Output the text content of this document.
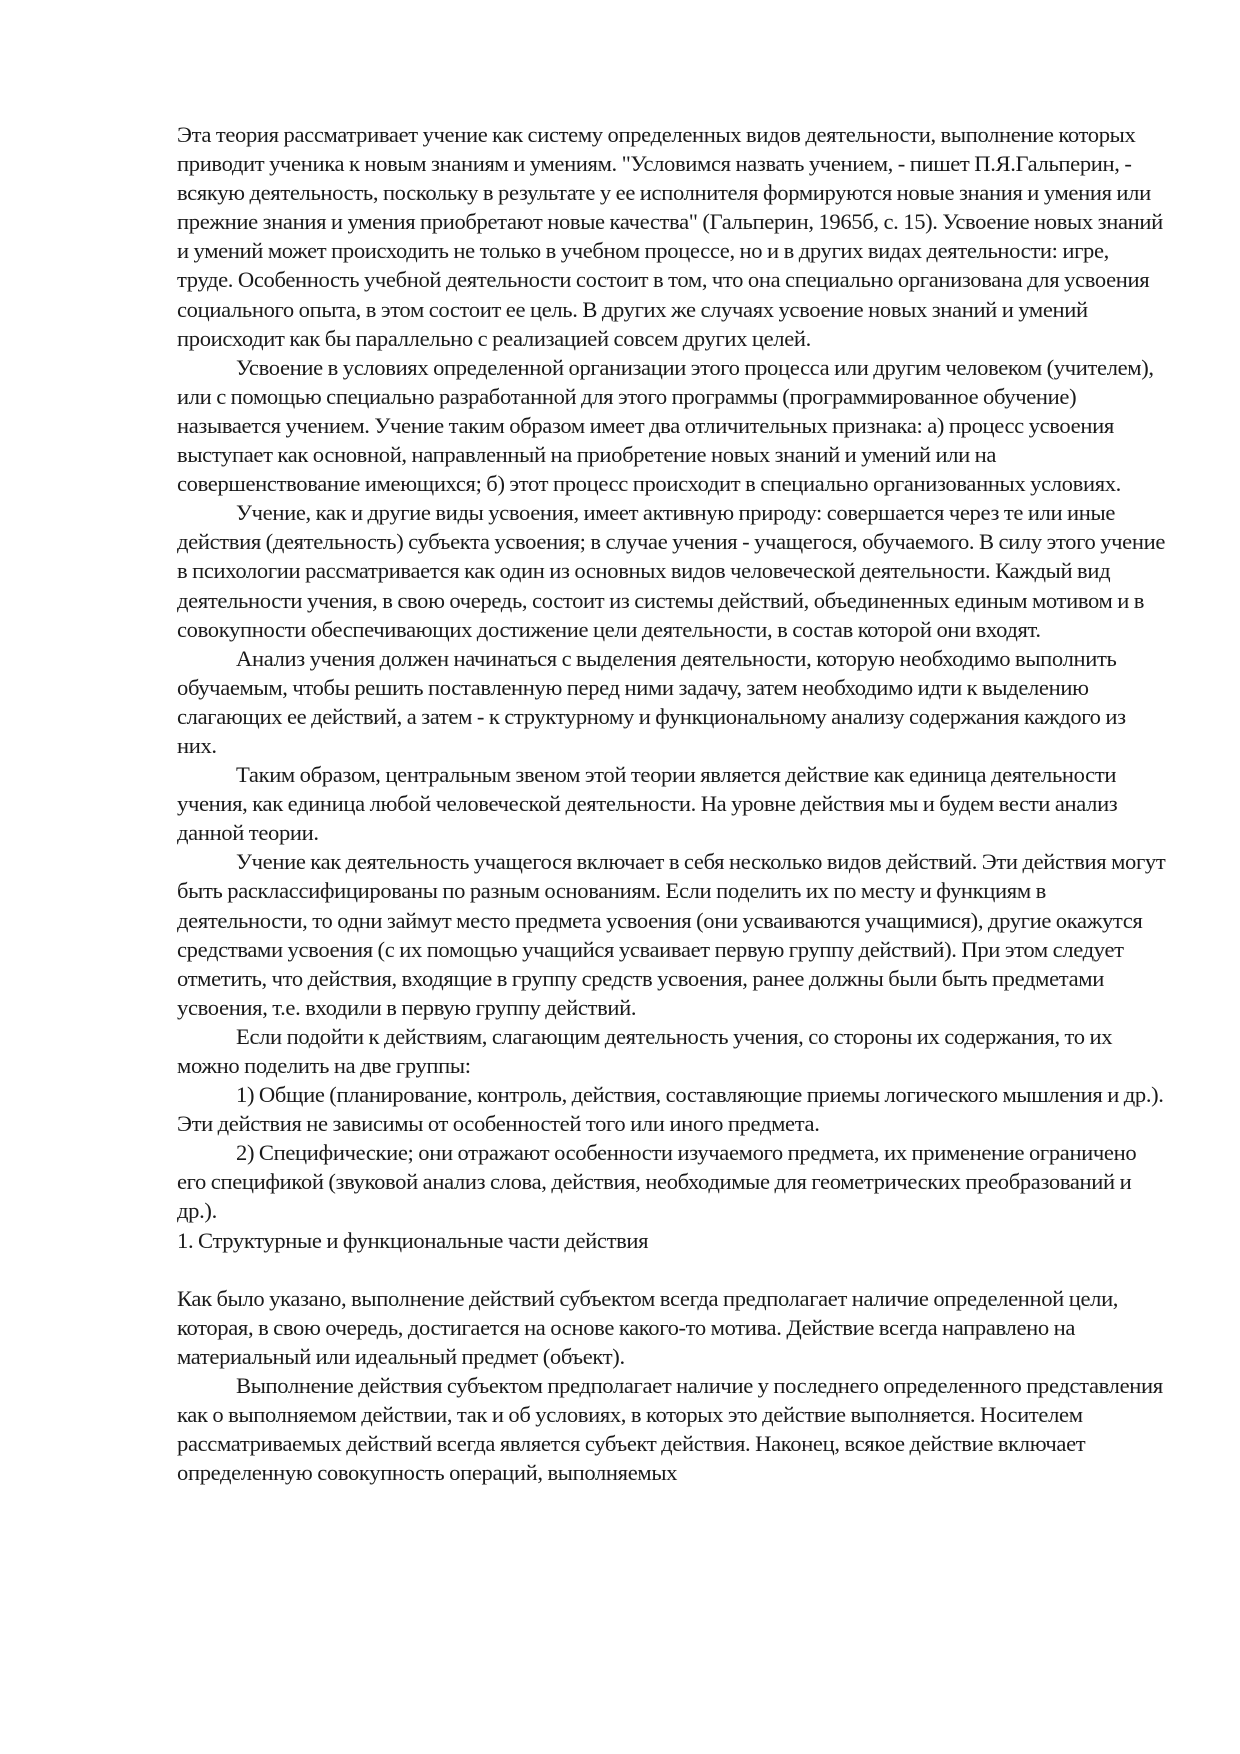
Эта теория рассматривает учение как систему определенных видов деятельности, выполнение которых приводит ученика к новым знаниям и умениям. "Условимся назвать учением, - пишет П.Я.Гальперин, - всякую деятельность, поскольку в результате у ее исполнителя формируются новые знания и умения или прежние знания и умения приобретают новые качества" (Гальперин, 1965б, с. 15). Усвоение новых знаний и умений может происходить не только в учебном процессе, но и в других видах деятельности: игре, труде. Особенность учебной деятельности состоит в том, что она специально организована для усвоения социального опыта, в этом состоит ее цель. В других же случаях усвоение новых знаний и умений происходит как бы параллельно с реализацией совсем других целей.

Усвоение в условиях определенной организации этого процесса или другим человеком (учителем), или с помощью специально разработанной для этого программы (программированное обучение) называется учением. Учение таким образом имеет два отличительных признака: а) процесс усвоения выступает как основной, направленный на приобретение новых знаний и умений или на совершенствование имеющихся; б) этот процесс происходит в специально организованных условиях.

Учение, как и другие виды усвоения, имеет активную природу: совершается через те или иные действия (деятельность) субъекта усвоения; в случае учения - учащегося, обучаемого. В силу этого учение в психологии рассматривается как один из основных видов человеческой деятельности. Каждый вид деятельности учения, в свою очередь, состоит из системы действий, объединенных единым мотивом и в совокупности обеспечивающих достижение цели деятельности, в состав которой они входят.

Анализ учения должен начинаться с выделения деятельности, которую необходимо выполнить обучаемым, чтобы решить поставленную перед ними задачу, затем необходимо идти к выделению слагающих ее действий, а затем - к структурному и функциональному анализу содержания каждого из них.

Таким образом, центральным звеном этой теории является действие как единица деятельности учения, как единица любой человеческой деятельности. На уровне действия мы и будем вести анализ данной теории.

Учение как деятельность учащегося включает в себя несколько видов действий. Эти действия могут быть расклассифицированы по разным основаниям. Если поделить их по месту и функциям в деятельности, то одни займут место предмета усвоения (они усваиваются учащимися), другие окажутся средствами усвоения (с их помощью учащийся усваивает первую группу действий). При этом следует отметить, что действия, входящие в группу средств усвоения, ранее должны были быть предметами усвоения, т.е. входили в первую группу действий.

Если подойти к действиям, слагающим деятельность учения, со стороны их содержания, то их можно поделить на две группы:

1) Общие (планирование, контроль, действия, составляющие приемы логического мышления и др.). Эти действия не зависимы от особенностей того или иного предмета.

2) Специфические; они отражают особенности изучаемого предмета, их применение ограничено его спецификой (звуковой анализ слова, действия, необходимые для геометрических преобразований и др.).

1. Структурные и функциональные части действия

Как было указано, выполнение действий субъектом всегда предполагает наличие определенной цели, которая, в свою очередь, достигается на основе какого-то мотива. Действие всегда направлено на материальный или идеальный предмет (объект).

Выполнение действия субъектом предполагает наличие у последнего определенного представления как о выполняемом действии, так и об условиях, в которых это действие выполняется. Носителем рассматриваемых действий всегда является субъект действия. Наконец, всякое действие включает определенную совокупность операций, выполняемых
